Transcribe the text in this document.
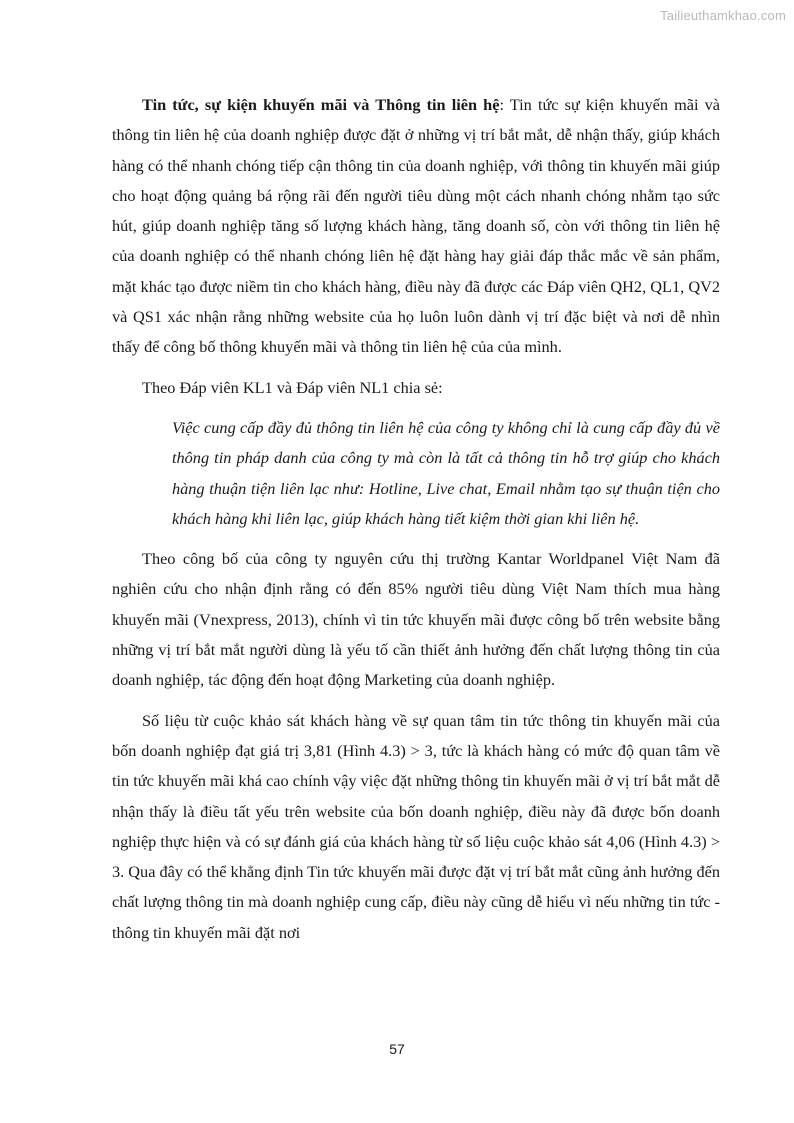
Tailieuthamkhao.com

Tin tức, sự kiện khuyến mãi và Thông tin liên hệ: Tin tức sự kiện khuyến mãi và thông tin liên hệ của doanh nghiệp được đặt ở những vị trí bắt mắt, dễ nhận thấy, giúp khách hàng có thể nhanh chóng tiếp cận thông tin của doanh nghiệp, với thông tin khuyến mãi giúp cho hoạt động quảng bá rộng rãi đến người tiêu dùng một cách nhanh chóng nhằm tạo sức hút, giúp doanh nghiệp tăng số lượng khách hàng, tăng doanh số, còn với thông tin liên hệ của doanh nghiệp có thể nhanh chóng liên hệ đặt hàng hay giải đáp thắc mắc về sản phẩm, mặt khác tạo được niềm tin cho khách hàng, điều này đã được các Đáp viên QH2, QL1, QV2 và QS1 xác nhận rằng những website của họ luôn luôn dành vị trí đặc biệt và nơi dễ nhìn thấy để công bố thông khuyến mãi và thông tin liên hệ của của mình.

Theo Đáp viên KL1 và Đáp viên NL1 chia sẻ:

Việc cung cấp đầy đủ thông tin liên hệ của công ty không chỉ là cung cấp đầy đủ về thông tin pháp danh của công ty mà còn là tất cả thông tin hỗ trợ giúp cho khách hàng thuận tiện liên lạc như: Hotline, Live chat, Email nhằm tạo sự thuận tiện cho khách hàng khi liên lạc, giúp khách hàng tiết kiệm thời gian khi liên hệ.

Theo công bố của công ty nguyên cứu thị trường Kantar Worldpanel Việt Nam đã nghiên cứu cho nhận định rằng có đến 85% người tiêu dùng Việt Nam thích mua hàng khuyến mãi (Vnexpress, 2013), chính vì tin tức khuyến mãi được công bố trên website bằng những vị trí bắt mắt người dùng là yếu tố cần thiết ảnh hưởng đến chất lượng thông tin của doanh nghiệp, tác động đến hoạt động Marketing của doanh nghiệp.

Số liệu từ cuộc khảo sát khách hàng về sự quan tâm tin tức thông tin khuyến mãi của bốn doanh nghiệp đạt giá trị 3,81 (Hình 4.3) > 3, tức là khách hàng có mức độ quan tâm về tin tức khuyến mãi khá cao chính vậy việc đặt những thông tin khuyến mãi ở vị trí bắt mắt dễ nhận thấy là điều tất yếu trên website của bốn doanh nghiệp, điều này đã được bốn doanh nghiệp thực hiện và có sự đánh giá của khách hàng từ số liệu cuộc khảo sát 4,06 (Hình 4.3) > 3. Qua đây có thể khẳng định Tin tức khuyến mãi được đặt vị trí bắt mắt cũng ảnh hưởng đến chất lượng thông tin mà doanh nghiệp cung cấp, điều này cũng dễ hiểu vì nếu những tin tức - thông tin khuyến mãi đặt nơi

57
